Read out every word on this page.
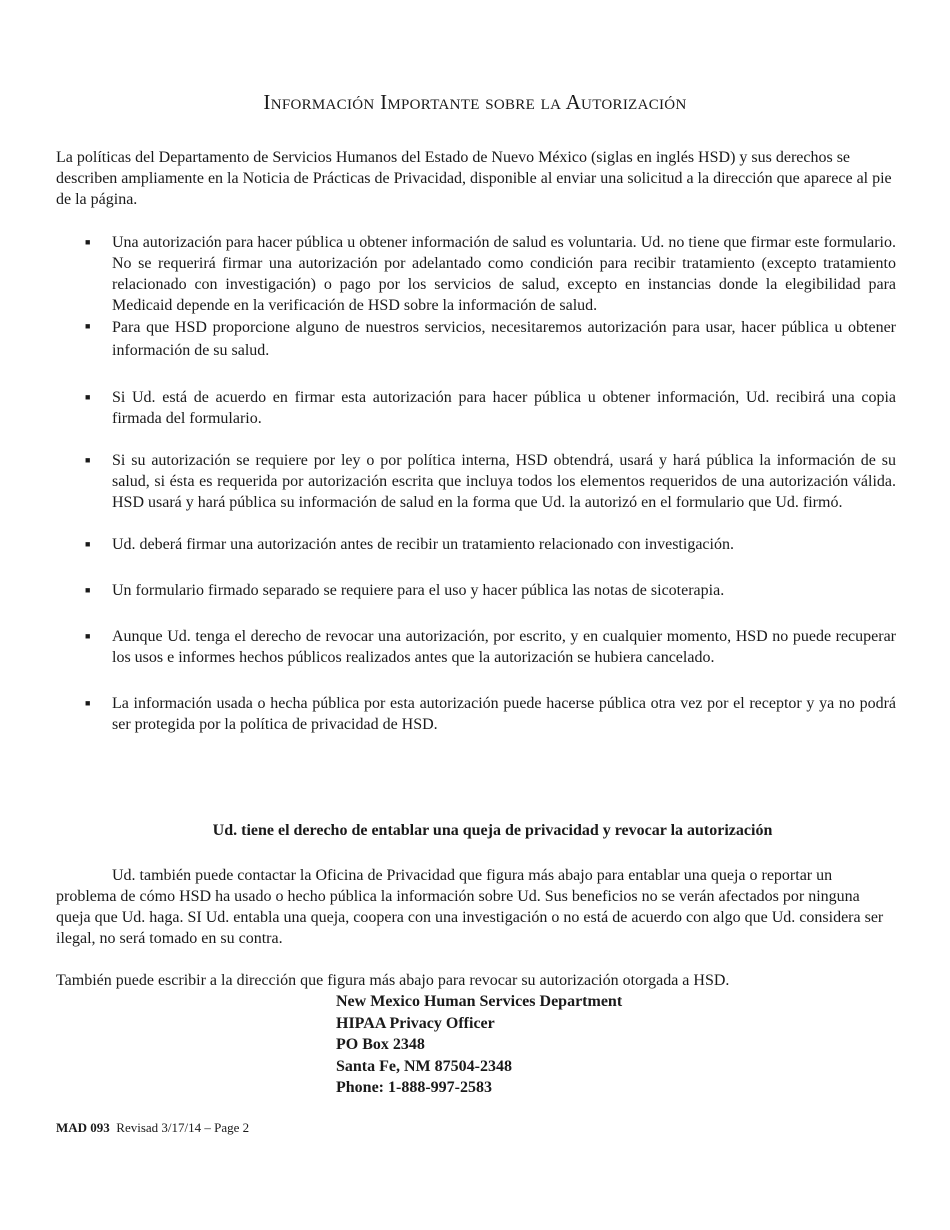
Información Importante sobre la Autorización

La políticas del Departamento de Servicios Humanos del Estado de Nuevo México (siglas en inglés HSD) y sus derechos se describen ampliamente en la Noticia de Prácticas de Privacidad, disponible al enviar una solicitud a la dirección que aparece al pie de la página.

■ Una autorización para hacer pública u obtener información de salud es voluntaria. Ud. no tiene que firmar este formulario. No se requerirá firmar una autorización por adelantado como condición para recibir tratamiento (excepto tratamiento relacionado con investigación) o pago por los servicios de salud, excepto en instancias donde la elegibilidad para Medicaid depende en la verificación de HSD sobre la información de salud.
■ Para que HSD proporcione alguno de nuestros servicios, necesitaremos autorización para usar, hacer pública u obtener información de su salud.
■ Si Ud. está de acuerdo en firmar esta autorización para hacer pública u obtener información, Ud. recibirá una copia firmada del formulario.
■ Si su autorización se requiere por ley o por política interna, HSD obtendrá, usará y hará pública la información de su salud, si ésta es requerida por autorización escrita que incluya todos los elementos requeridos de una autorización válida. HSD usará y hará pública su información de salud en la forma que Ud. la autorizó en el formulario que Ud. firmó.
■ Ud. deberá firmar una autorización antes de recibir un tratamiento relacionado con investigación.
■ Un formulario firmado separado se requiere para el uso y hacer pública las notas de sicoterapia.
■ Aunque Ud. tenga el derecho de revocar una autorización, por escrito, y en cualquier momento, HSD no puede recuperar los usos e informes hechos públicos realizados antes que la autorización se hubiera cancelado.
■ La información usada o hecha pública por esta autorización puede hacerse pública otra vez por el receptor y ya no podrá ser protegida por la política de privacidad de HSD.
Ud. tiene el derecho de entablar una queja de privacidad y revocar la autorización

Ud. también puede contactar la Oficina de Privacidad que figura más abajo para entablar una queja o reportar un problema de cómo HSD ha usado o hecho pública la información sobre Ud. Sus beneficios no se verán afectados por ninguna queja que Ud. haga. SI Ud. entabla una queja, coopera con una investigación o no está de acuerdo con algo que Ud. considera ser ilegal, no será tomado en su contra.

También puede escribir a la dirección que figura más abajo para revocar su autorización otorgada a HSD.

New Mexico Human Services Department
HIPAA Privacy Officer
PO Box 2348
Santa Fe, NM 87504-2348
Phone: 1-888-997-2583
MAD 093  Revisad 3/17/14 – Page 2
